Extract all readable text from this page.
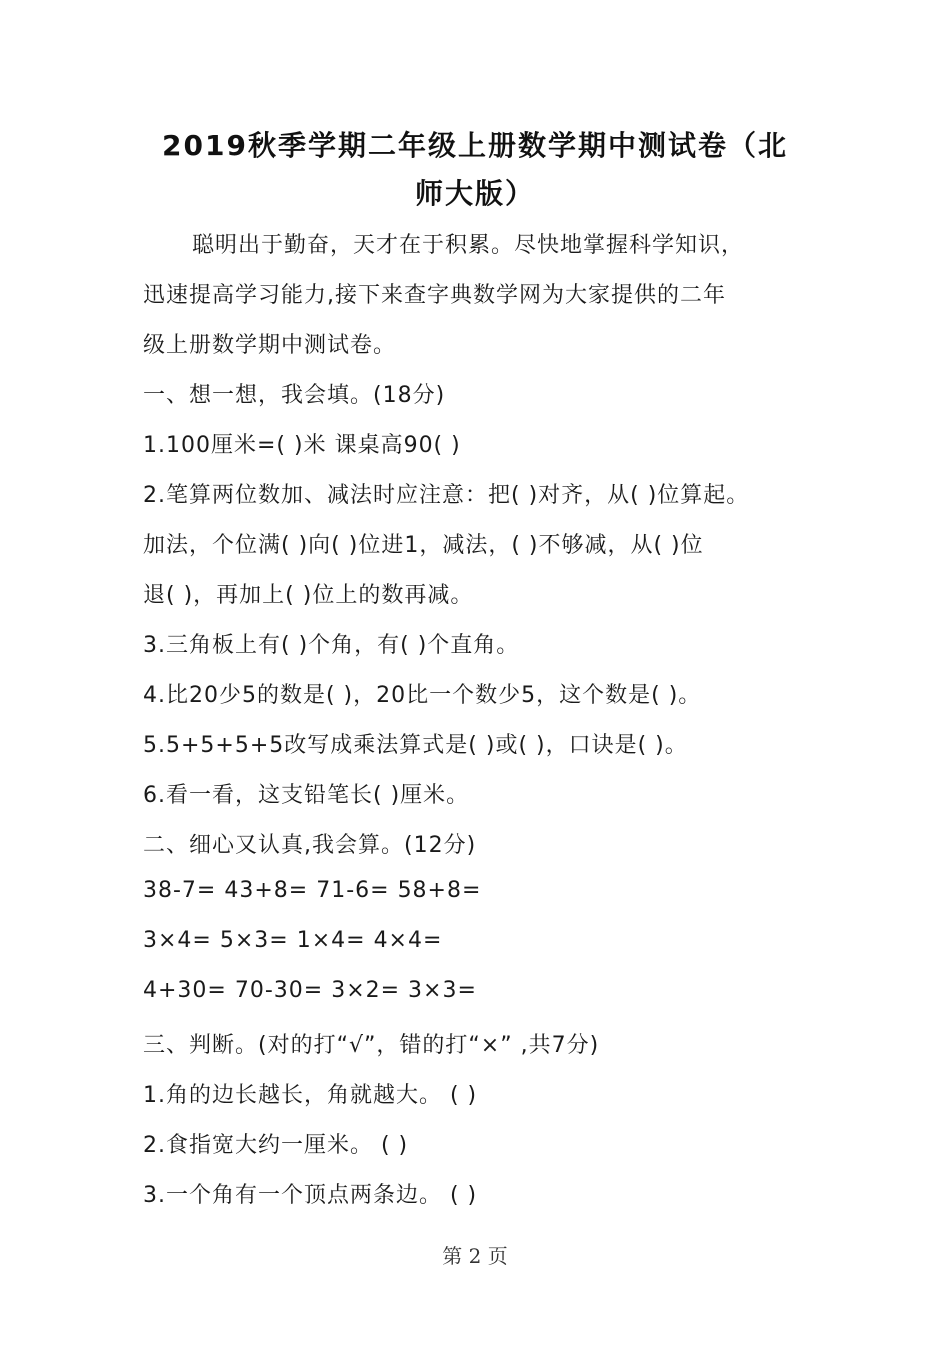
2019秋季学期二年级上册数学期中测试卷（北
师大版）

聪明出于勤奋，天才在于积累。尽快地掌握科学知识，

迅速提高学习能力,接下来查字典数学网为大家提供的二年

级上册数学期中测试卷。

一、想一想，我会填。(18分)

1.100厘米=( )米 课桌高90( )

2.笔算两位数加、减法时应注意：把( )对齐，从( )位算起。

加法，个位满( )向( )位进1，减法，( )不够减，从( )位

退( )，再加上( )位上的数再减。

3.三角板上有( )个角，有( )个直角。

4.比20少5的数是( )，20比一个数少5，这个数是( )。

5.5+5+5+5改写成乘法算式是( )或( )，口诀是( )。

6.看一看，这支铅笔长( )厘米。

二、细心又认真,我会算。(12分)

38-7= 43+8= 71-6= 58+8=

3×4= 5×3= 1×4= 4×4=

4+30= 70-30= 3×2= 3×3=

三、判断。(对的打“√”，错的打“×” ,共7分)

1.角的边长越长，角就越大。 ( )

2.食指宽大约一厘米。 ( )

3.一个角有一个顶点两条边。 ( )

第 2 页
